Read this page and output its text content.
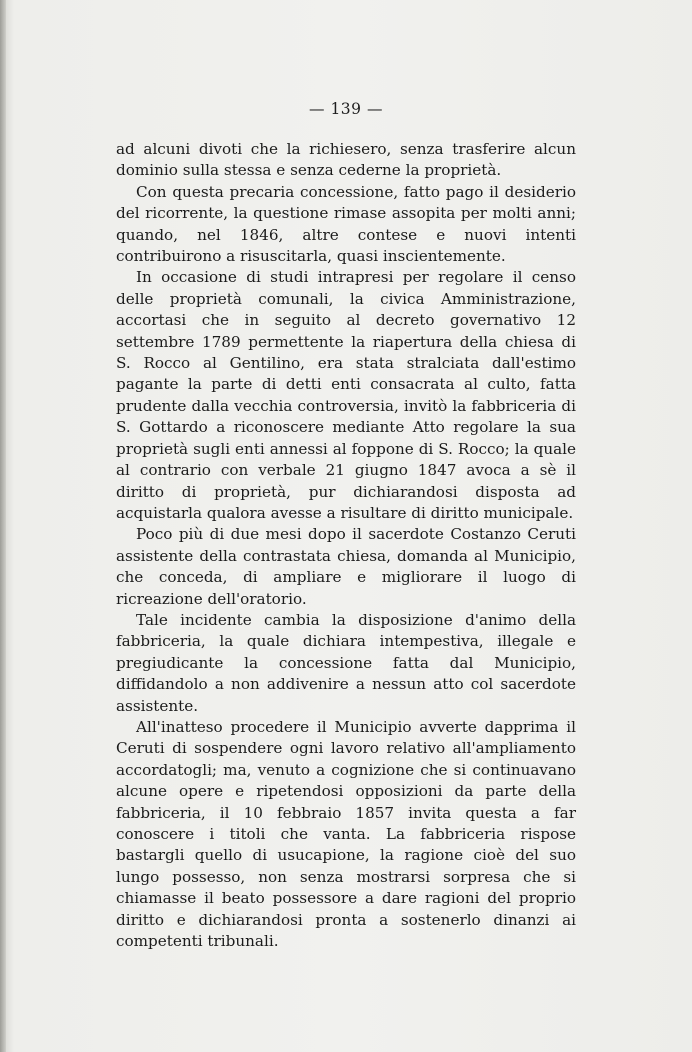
— 139 —

ad alcuni divoti che la richiesero, senza trasferire alcun dominio sulla stessa e senza cederne la proprietà.

Con questa precaria concessione, fatto pago il desiderio del ricorrente, la questione rimase assopita per molti anni; quando, nel 1846, altre contese e nuovi intenti contribuirono a risuscitarla, quasi inscientemente.

In occasione di studi intrapresi per regolare il censo delle proprietà comunali, la civica Amministrazione, accortasi che in seguito al decreto governativo 12 settembre 1789 permettente la riapertura della chiesa di S. Rocco al Gentilino, era stata stralciata dall'estimo pagante la parte di detti enti consacrata al culto, fatta prudente dalla vecchia controversia, invitò la fabbriceria di S. Gottardo a riconoscere mediante Atto regolare la sua proprietà sugli enti annessi al foppone di S. Rocco; la quale al contrario con verbale 21 giugno 1847 avoca a sè il diritto di proprietà, pur dichiarandosi disposta ad acquistarla qualora avesse a risultare di diritto municipale.

Poco più di due mesi dopo il sacerdote Costanzo Ceruti assistente della contrastata chiesa, domanda al Municipio, che conceda, di ampliare e migliorare il luogo di ricreazione dell'oratorio.

Tale incidente cambia la disposizione d'animo della fabbriceria, la quale dichiara intempestiva, illegale e pregiudicante la concessione fatta dal Municipio, diffidandolo a non addivenire a nessun atto col sacerdote assistente.

All'inatteso procedere il Municipio avverte dapprima il Ceruti di sospendere ogni lavoro relativo all'ampliamento accordatogli; ma, venuto a cognizione che si continuavano alcune opere e ripetendosi opposizioni da parte della fabbriceria, il 10 febbraio 1857 invita questa a far conoscere i titoli che vanta. La fabbriceria rispose bastargli quello di usucapione, la ragione cioè del suo lungo possesso, non senza mostrarsi sorpresa che si chiamasse il beato possessore a dare ragioni del proprio diritto e dichiarandosi pronta a sostenerlo dinanzi ai competenti tribunali.
